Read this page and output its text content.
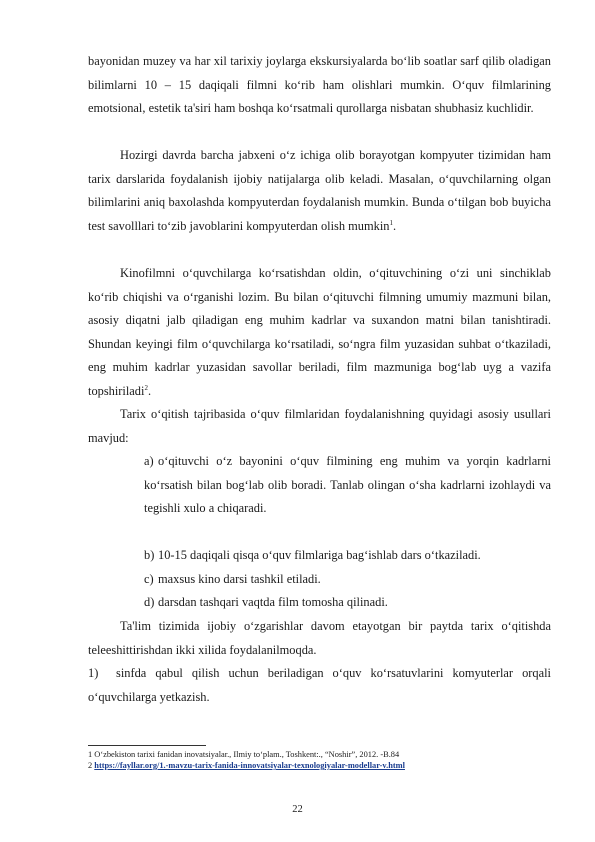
bayonidan muzey va har xil tarixiy joylarga ekskursiyalarda bo‘lib soatlar sarf qilib oladigan bilimlarni 10 – 15 daqiqali filmni ko‘rib ham olishlari mumkin. O‘quv filmlarining emotsional, estetik ta'siri ham boshqa ko‘rsatmali qurollarga nisbatan shubhasiz kuchlidir.

Hozirgi davrda barcha jabxeni o‘z ichiga olib borayotgan kompyuter tizimidan ham tarix darslarida foydalanish ijobiy natijalarga olib keladi. Masalan, o‘quvchilarning olgan bilimlarini aniq baxolashda kompyuterdan foydalanish mumkin. Bunda o‘tilgan bob buyicha test savolllari to‘zib javoblarini kompyuterdan olish mumkin$^1$.

Kinofilmni o‘quvchilarga ko‘rsatishdan oldin, o‘qituvchining o‘zi uni sinchiklab ko‘rib chiqishi va o‘rganishi lozim. Bu bilan o‘qituvchi filmning umumiy mazmuni bilan, asosiy diqatni jalb qiladigan eng muhim kadrlar va suxandon matni bilan tanishtiradi. Shundan keyingi film o‘quvchilarga ko‘rsatiladi, so‘ngra film yuzasidan suhbat o‘tkaziladi, eng muhim kadrlar yuzasidan savollar beriladi, film mazmuniga bog‘lab uyg a vazifa topshiriladi$^2$.

Tarix o‘qitish tajribasida o‘quv filmlaridan foydalanishning quyidagi asosiy usullari mavjud:

a) o‘qituvchi o‘z bayonini o‘quv filmining eng muhim va yorqin kadrlarni ko‘rsatish bilan bog‘lab olib boradi. Tanlab olingan o‘sha kadrlarni izohlaydi va tegishli xulo a chiqaradi.

b) 10-15 daqiqali qisqa o‘quv filmlariga bag‘ishlab dars o‘tkaziladi.

c) maxsus kino darsi tashkil etiladi.

d) darsdan tashqari vaqtda film tomosha qilinadi.

Ta'lim tizimida ijobiy o‘zgarishlar davom etayotgan bir paytda tarix o‘qitishda teleeshittirishdan ikki xilida foydalanilmoqda.

1) sinfda qabul qilish uchun beriladigan o‘quv ko‘rsatuvlarini komyuterlar orqali o‘quvchilarga yetkazish.

1 O‘zbekiston tarixi fanidan inovatsiyalar., Ilmiy to‘plam., Toshkent:., “Noshir”, 2012. -B.84

2 https://fayllar.org/1.-mavzu-tarix-fanida-innovatsiyalar-texnologiyalar-modellar-v.html

22
